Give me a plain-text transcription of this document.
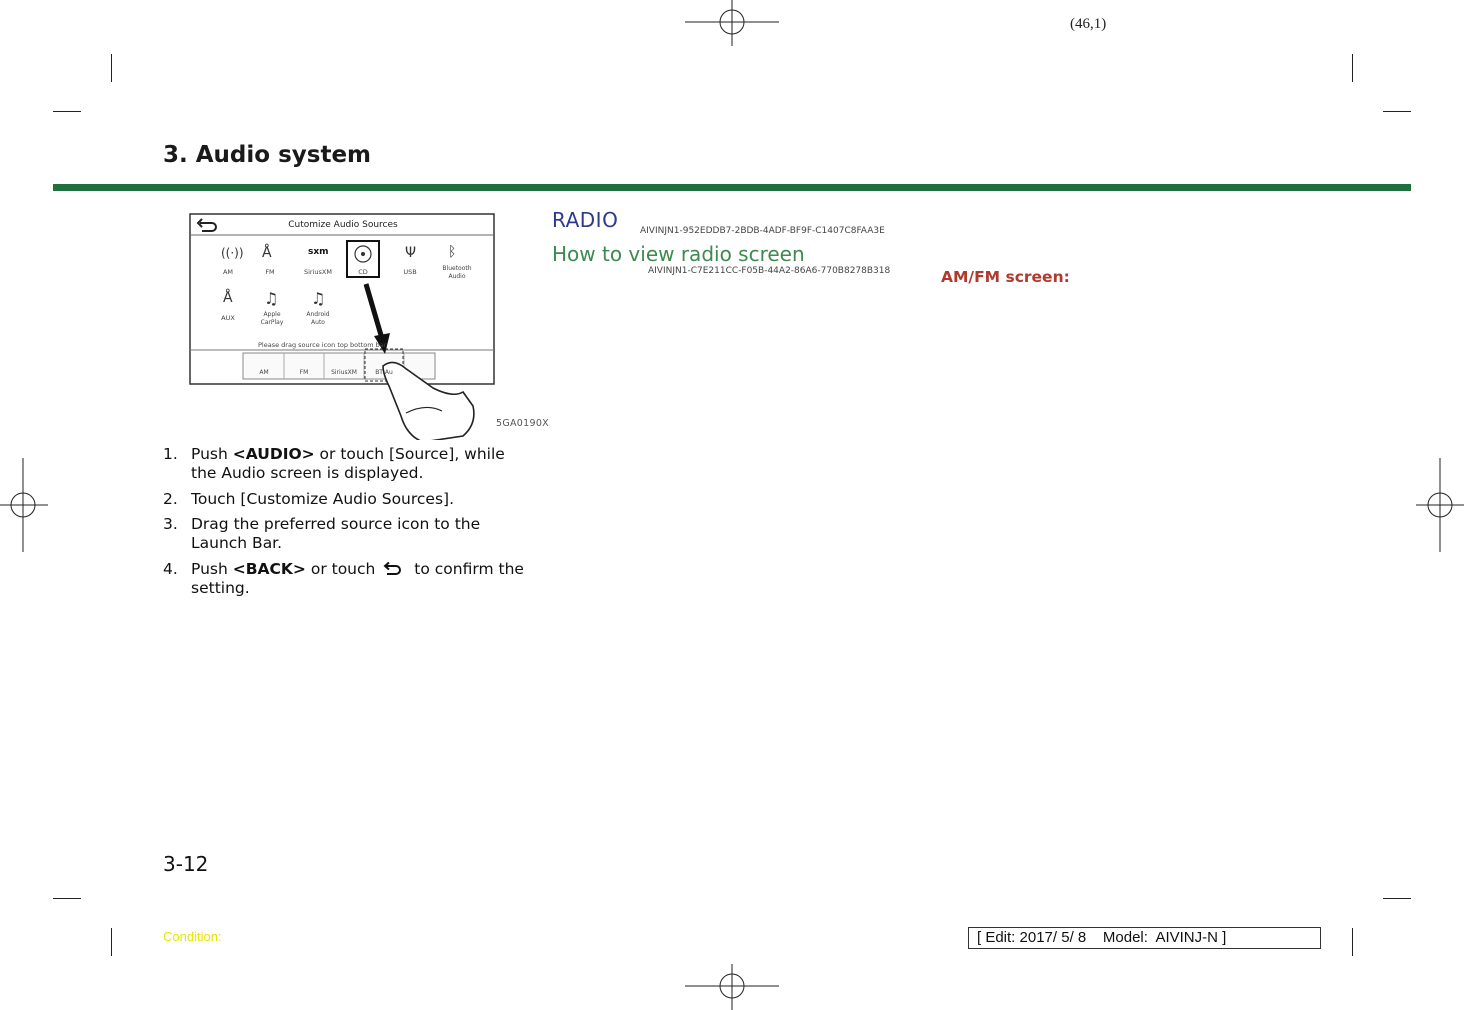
(46,1)
3. Audio system
Cutomize Audio Sources
((·)) Å	sxm	Ψ ᛒ
AM	FM	SiriusXM	CD	USB	Bluetooth Audio
Å ♫ ♫
AUX	Apple CarPlay
Android Auto
Please drag source icon top bottom bar
AM	FM	SiriusXM	BT Au
5GA0190X
1. Push <AUDIO> or touch [Source], while the Audio screen is displayed.
2. Touch [Customize Audio Sources].
3. Drag the preferred source icon to the Launch Bar.
4. Push <BACK> or touch to confirm the setting.
RADIO AIVINJN1-952EDDB7-2BDB-4ADF-BF9F-C1407C8FAA3E
How to view radio screen
AIVINJN1-C7E211CC-F05B-44A2-86A6-770B8278B318	AM/FM screen:
3-12
Condition:	[ Edit: 2017/ 5/ 8    Model:  AIVINJ-N ]
